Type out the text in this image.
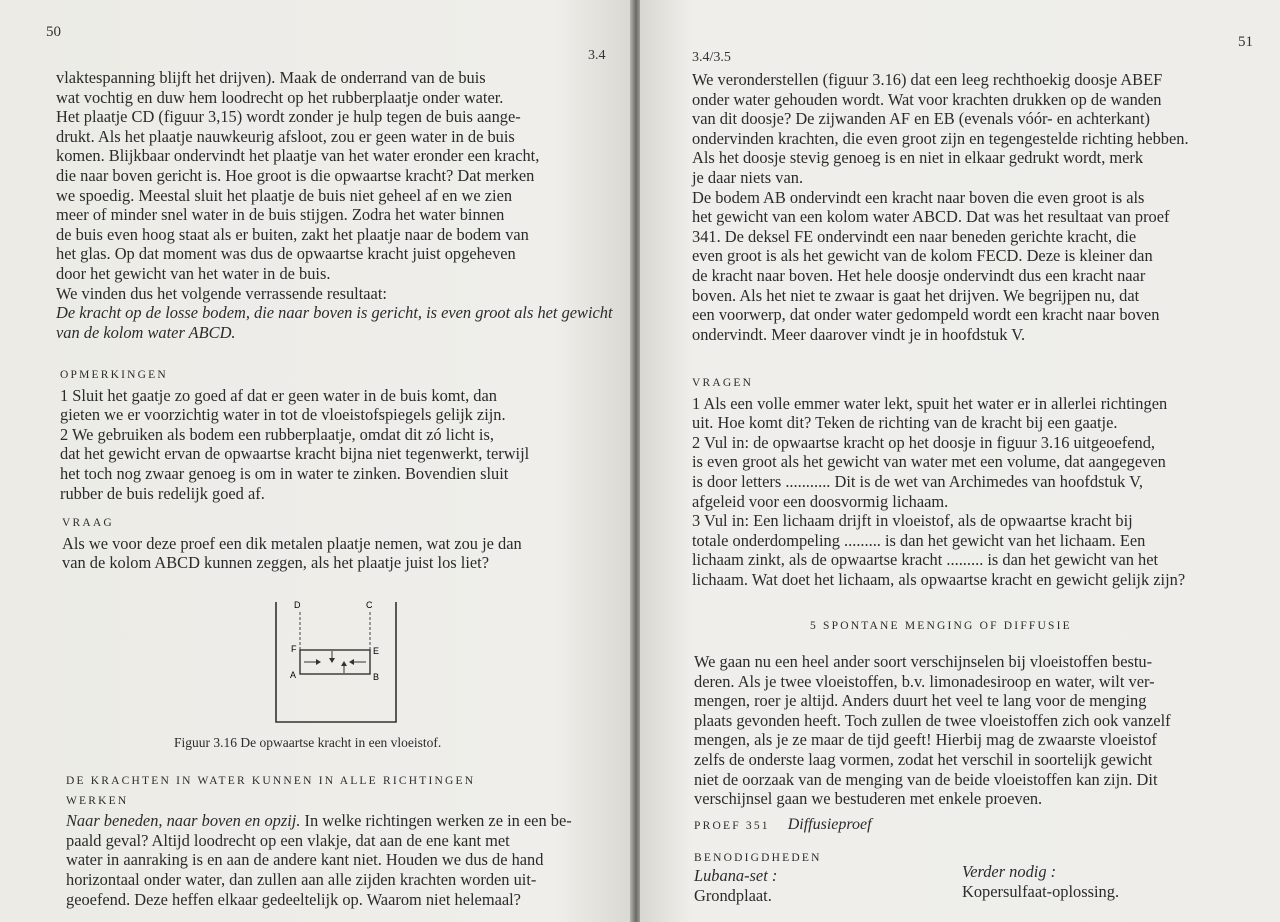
50
3.4

vlaktespanning blijft het drijven). Maak de onderrand van de buis

wat vochtig en duw hem loodrecht op het rubberplaatje onder water.

Het plaatje CD (figuur 3,15) wordt zonder je hulp tegen de buis aange-

drukt. Als het plaatje nauwkeurig afsloot, zou er geen water in de buis

komen. Blijkbaar ondervindt het plaatje van het water eronder een kracht,

die naar boven gericht is. Hoe groot is die opwaartse kracht? Dat merken

we spoedig. Meestal sluit het plaatje de buis niet geheel af en we zien

meer of minder snel water in de buis stijgen. Zodra het water binnen

de buis even hoog staat als er buiten, zakt het plaatje naar de bodem van

het glas. Op dat moment was dus de opwaartse kracht juist opgeheven

door het gewicht van het water in de buis.

We vinden dus het volgende verrassende resultaat:

De kracht op de losse bodem, die naar boven is gericht, is even groot als het gewicht

van de kolom water ABCD.

OPMERKINGEN

1 Sluit het gaatje zo goed af dat er geen water in de buis komt, dan

gieten we er voorzichtig water in tot de vloeistofspiegels gelijk zijn.

2 We gebruiken als bodem een rubberplaatje, omdat dit zó licht is,

dat het gewicht ervan de opwaartse kracht bijna niet tegenwerkt, terwijl

het toch nog zwaar genoeg is om in water te zinken. Bovendien sluit

rubber de buis redelijk goed af.

VRAAG

Als we voor deze proef een dik metalen plaatje nemen, wat zou je dan

van de kolom ABCD kunnen zeggen, als het plaatje juist los liet?

D	C
F	E
A	B
Figuur 3.16 De opwaartse kracht in een vloeistof.

DE KRACHTEN IN WATER KUNNEN IN ALLE RICHTINGEN

WERKEN

Naar beneden, naar boven en opzij. In welke richtingen werken ze in een be-

paald geval? Altijd loodrecht op een vlakje, dat aan de ene kant met

water in aanraking is en aan de andere kant niet. Houden we dus de hand

horizontaal onder water, dan zullen aan alle zijden krachten worden uit-

geoefend. Deze heffen elkaar gedeeltelijk op. Waarom niet helemaal?

51
3.4/3.5

We veronderstellen (figuur 3.16) dat een leeg rechthoekig doosje ABEF

onder water gehouden wordt. Wat voor krachten drukken op de wanden

van dit doosje? De zijwanden AF en EB (evenals vóór- en achterkant)

ondervinden krachten, die even groot zijn en tegengestelde richting hebben.

Als het doosje stevig genoeg is en niet in elkaar gedrukt wordt, merk

je daar niets van.

De bodem AB ondervindt een kracht naar boven die even groot is als

het gewicht van een kolom water ABCD. Dat was het resultaat van proef

341. De deksel FE ondervindt een naar beneden gerichte kracht, die

even groot is als het gewicht van de kolom FECD. Deze is kleiner dan

de kracht naar boven. Het hele doosje ondervindt dus een kracht naar

boven. Als het niet te zwaar is gaat het drijven. We begrijpen nu, dat

een voorwerp, dat onder water gedompeld wordt een kracht naar boven

ondervindt. Meer daarover vindt je in hoofdstuk V.

VRAGEN

1 Als een volle emmer water lekt, spuit het water er in allerlei richtingen

uit. Hoe komt dit? Teken de richting van de kracht bij een gaatje.

2 Vul in: de opwaartse kracht op het doosje in figuur 3.16 uitgeoefend,

is even groot als het gewicht van water met een volume, dat aangegeven

is door letters ........... Dit is de wet van Archimedes van hoofdstuk V,

afgeleid voor een doosvormig lichaam.

3 Vul in: Een lichaam drijft in vloeistof, als de opwaartse kracht bij

totale onderdompeling ......... is dan het gewicht van het lichaam. Een

lichaam zinkt, als de opwaartse kracht ......... is dan het gewicht van het

lichaam. Wat doet het lichaam, als opwaartse kracht en gewicht gelijk zijn?

5 SPONTANE MENGING OF DIFFUSIE

We gaan nu een heel ander soort verschijnselen bij vloeistoffen bestu-

deren. Als je twee vloeistoffen, b.v. limonadesiroop en water, wilt ver-

mengen, roer je altijd. Anders duurt het veel te lang voor de menging

plaats gevonden heeft. Toch zullen de twee vloeistoffen zich ook vanzelf

mengen, als je ze maar de tijd geeft! Hierbij mag de zwaarste vloeistof

zelfs de onderste laag vormen, zodat het verschil in soortelijk gewicht

niet de oorzaak van de menging van de beide vloeistoffen kan zijn. Dit

verschijnsel gaan we bestuderen met enkele proeven.

PROEF 351 Diffusieproef
BENODIGDHEDEN

Lubana-set :

Grondplaat.

Verder nodig :

Kopersulfaat-oplossing.
